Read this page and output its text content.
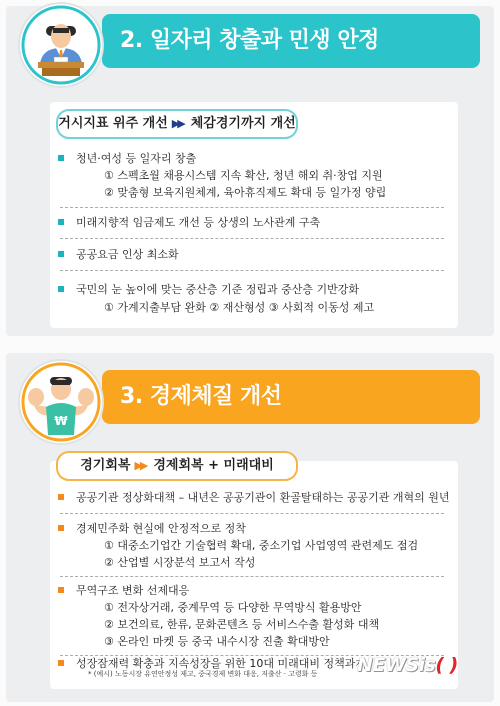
2. 일자리 창출과 민생 안정
거시지표 위주 개선 ▶▶ 체감경기까지 개선
청년·여성 등 일자리 창출
① 스펙초월 채용시스템 지속 확산, 청년 해외 취·창업 지원
② 맞춤형 보육지원체계, 육아휴직제도 확대 등 일가정 양립
미래지향적 임금제도 개선 등 상생의 노사관계 구축
공공요금 인상 최소화
국민의 눈 높이에 맞는 중산층 기준 정립과 중산층 기반강화
① 가계지출부담 완화 ② 재산형성 ③ 사회적 이동성 제고
3. 경제체질 개선
₩
경기회복 ▶▶ 경제회복 + 미래대비
공공기관 정상화대책 – 내년은 공공기관이 환골탈태하는 공공기관 개혁의 원년
경제민주화 현실에 안정적으로 정착
① 대중소기업간 기술협력 확대, 중소기업 사업영역 관련제도 점검
② 산업별 시장분석 보고서 작성
무역구조 변화 선제대응
① 전자상거래, 중계무역 등 다양한 무역방식 활용방안
② 보건의료, 한류, 문화콘텐츠 등 서비스수출 활성화 대책
③ 온라인 마켓 등 중국 내수시장 진출 확대방안
성장잠재력 확충과 지속성장을 위한 10대 미래대비 정책과제
* (예시) 노동시장 유연안정성 제고, 중국경제 변화 대응, 저출산 · 고령화 등 NEWSis( )
